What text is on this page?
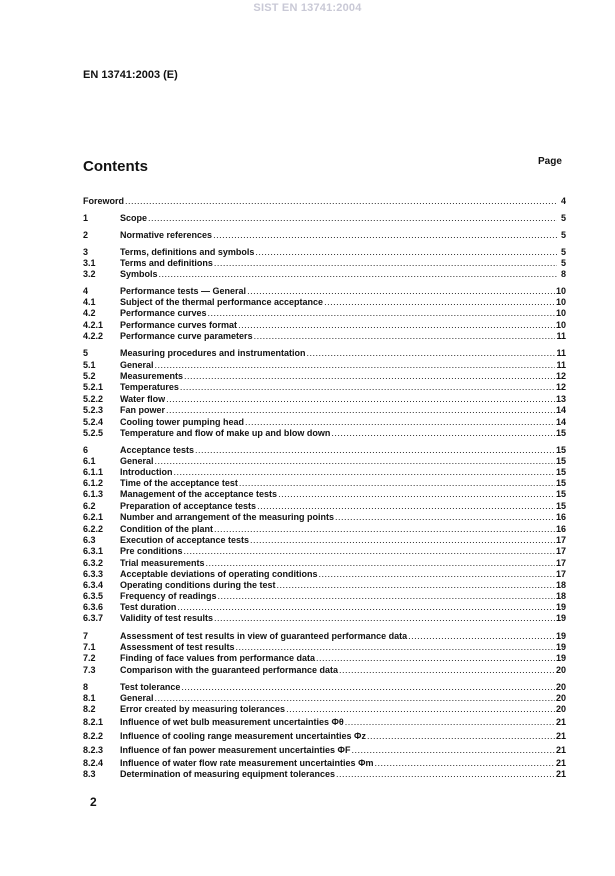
SIST EN 13741:2004
EN 13741:2003 (E)
Contents	Page
Foreword .....	4
1	Scope .....	5
2	Normative references .....	5
3	Terms, definitions and symbols .....	5
3.1	Terms and definitions .....	5
3.2	Symbols .....	8
4	Performance tests — General .....	10
4.1	Subject of the thermal performance acceptance .....	10
4.2	Performance curves .....	10
4.2.1	Performance curves format .....	10
4.2.2	Performance curve parameters .....	11
5	Measuring procedures and instrumentation .....	11
5.1	General .....	11
5.2	Measurements .....	12
5.2.1	Temperatures .....	12
5.2.2	Water flow .....	13
5.2.3	Fan power .....	14
5.2.4	Cooling tower pumping head .....	14
5.2.5	Temperature and flow of make up and blow down .....	15
6	Acceptance tests .....	15
6.1	General .....	15
6.1.1	Introduction .....	15
6.1.2	Time of the acceptance test .....	15
6.1.3	Management of the acceptance tests .....	15
6.2	Preparation of acceptance tests .....	15
6.2.1	Number and arrangement of the measuring points .....	16
6.2.2	Condition of the plant .....	16
6.3	Execution of acceptance tests .....	17
6.3.1	Pre conditions .....	17
6.3.2	Trial measurements .....	17
6.3.3	Acceptable deviations of operating conditions .....	17
6.3.4	Operating conditions during the test .....	18
6.3.5	Frequency of readings .....	18
6.3.6	Test duration .....	19
6.3.7	Validity of test results .....	19
7	Assessment of test results in view of guaranteed performance data .....	19
7.1	Assessment of test results .....	19
7.2	Finding of face values from performance data .....	19
7.3	Comparison with the guaranteed performance data .....	20
8	Test tolerance .....	20
8.1	General .....	20
8.2	Error created by measuring tolerances .....	20
8.2.1	Influence of wet bulb measurement uncertainties Φθ .....	21
8.2.2	Influence of cooling range measurement uncertainties Φz .....	21
8.2.3	Influence of fan power measurement uncertainties ΦF .....	21
8.2.4	Influence of water flow rate measurement uncertainties Φm .....	21
8.3	Determination of measuring equipment tolerances .....	21
2
